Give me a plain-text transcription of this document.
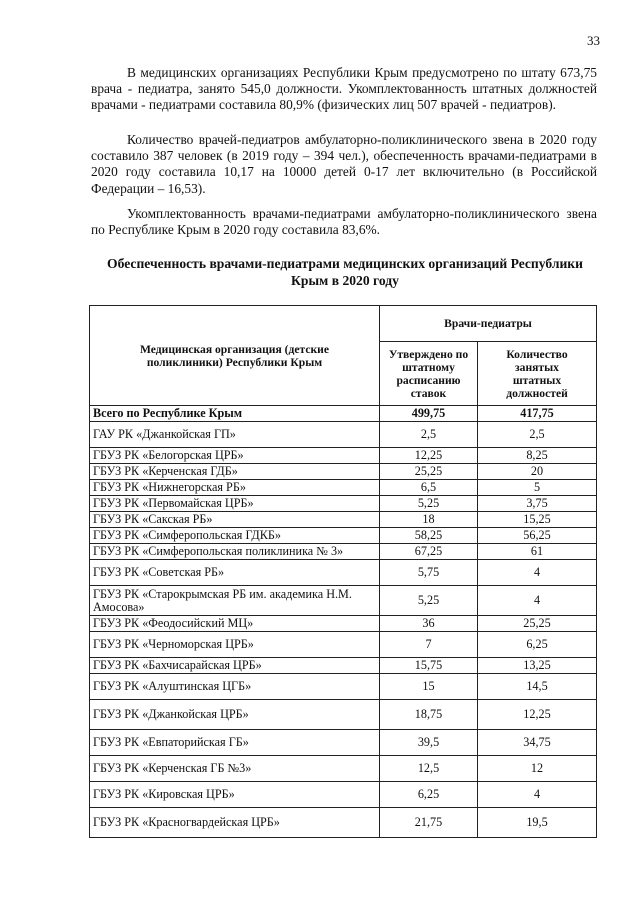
33

В медицинских организациях Республики Крым предусмотрено по штату 673,75 врача - педиатра, занято 545,0 должности. Укомплектованность штатных должностей врачами - педиатрами составила 80,9% (физических лиц 507 врачей - педиатров).

Количество врачей-педиатров амбулаторно-поликлинического звена в 2020 году составило 387 человек (в 2019 году – 394 чел.), обеспеченность врачами-педиатрами в 2020 году составила 10,17 на 10000 детей 0-17 лет включительно (в Российской Федерации – 16,53).

Укомплектованность врачами-педиатрами амбулаторно-поликлинического звена по Республике Крым в 2020 году составила 83,6%.

Обеспеченность врачами-педиатрами медицинских организаций Республики Крым в 2020 году

Медицинская организация (детские поликлиники) Республики Крым	Врачи-педиатры	
	Утверждено по штатному расписанию ставок	Количество занятых штатных должностей
Всего по Республике Крым	499,75	417,75
ГАУ РК «Джанкойская ГП»	2,5	2,5
ГБУЗ РК «Белогорская ЦРБ»	12,25	8,25
ГБУЗ РК «Керченская ГДБ»	25,25	20
ГБУЗ РК «Нижнегорская РБ»	6,5	5
ГБУЗ РК «Первомайская ЦРБ»	5,25	3,75
ГБУЗ РК «Сакская РБ»	18	15,25
ГБУЗ РК «Симферопольская ГДКБ»	58,25	56,25
ГБУЗ РК «Симферопольская поликлиника № 3»	67,25	61
ГБУЗ РК «Советская РБ»	5,75	4
ГБУЗ РК «Старокрымская РБ им. академика Н.М. Амосова»	5,25	4
ГБУЗ РК «Феодосийский МЦ»	36	25,25
ГБУЗ РК «Черноморская ЦРБ»	7	6,25
ГБУЗ РК «Бахчисарайская ЦРБ»	15,75	13,25
ГБУЗ РК «Алуштинская ЦГБ»	15	14,5
ГБУЗ РК «Джанкойская ЦРБ»	18,75	12,25
ГБУЗ РК «Евпаторийская ГБ»	39,5	34,75
ГБУЗ РК «Керченская ГБ №3»	12,5	12
ГБУЗ РК «Кировская ЦРБ»	6,25	4
ГБУЗ РК «Красногвардейская ЦРБ»	21,75	19,5
